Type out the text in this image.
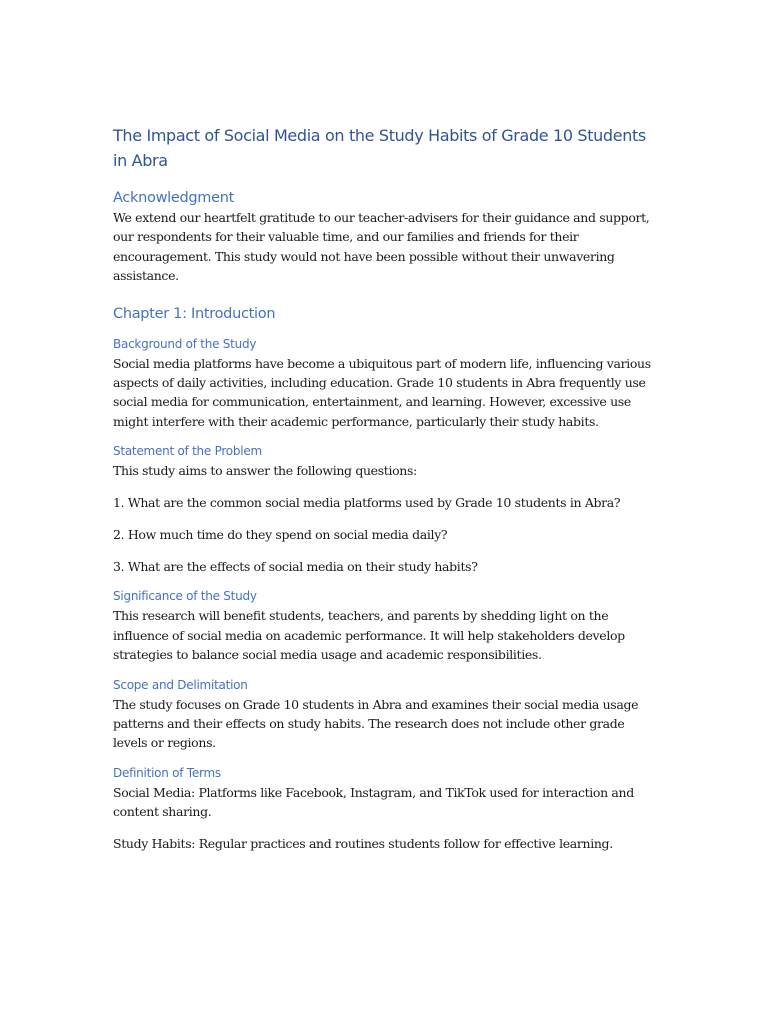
The Impact of Social Media on the Study Habits of Grade 10 Students in Abra
Acknowledgment

We extend our heartfelt gratitude to our teacher-advisers for their guidance and support, our respondents for their valuable time, and our families and friends for their encouragement. This study would not have been possible without their unwavering assistance.

Chapter 1: Introduction
Background of the Study

Social media platforms have become a ubiquitous part of modern life, influencing various aspects of daily activities, including education. Grade 10 students in Abra frequently use social media for communication, entertainment, and learning. However, excessive use might interfere with their academic performance, particularly their study habits.

Statement of the Problem

This study aims to answer the following questions:

1. What are the common social media platforms used by Grade 10 students in Abra?

2. How much time do they spend on social media daily?

3. What are the effects of social media on their study habits?

Significance of the Study

This research will benefit students, teachers, and parents by shedding light on the influence of social media on academic performance. It will help stakeholders develop strategies to balance social media usage and academic responsibilities.

Scope and Delimitation

The study focuses on Grade 10 students in Abra and examines their social media usage patterns and their effects on study habits. The research does not include other grade levels or regions.

Definition of Terms

Social Media: Platforms like Facebook, Instagram, and TikTok used for interaction and content sharing.

Study Habits: Regular practices and routines students follow for effective learning.
